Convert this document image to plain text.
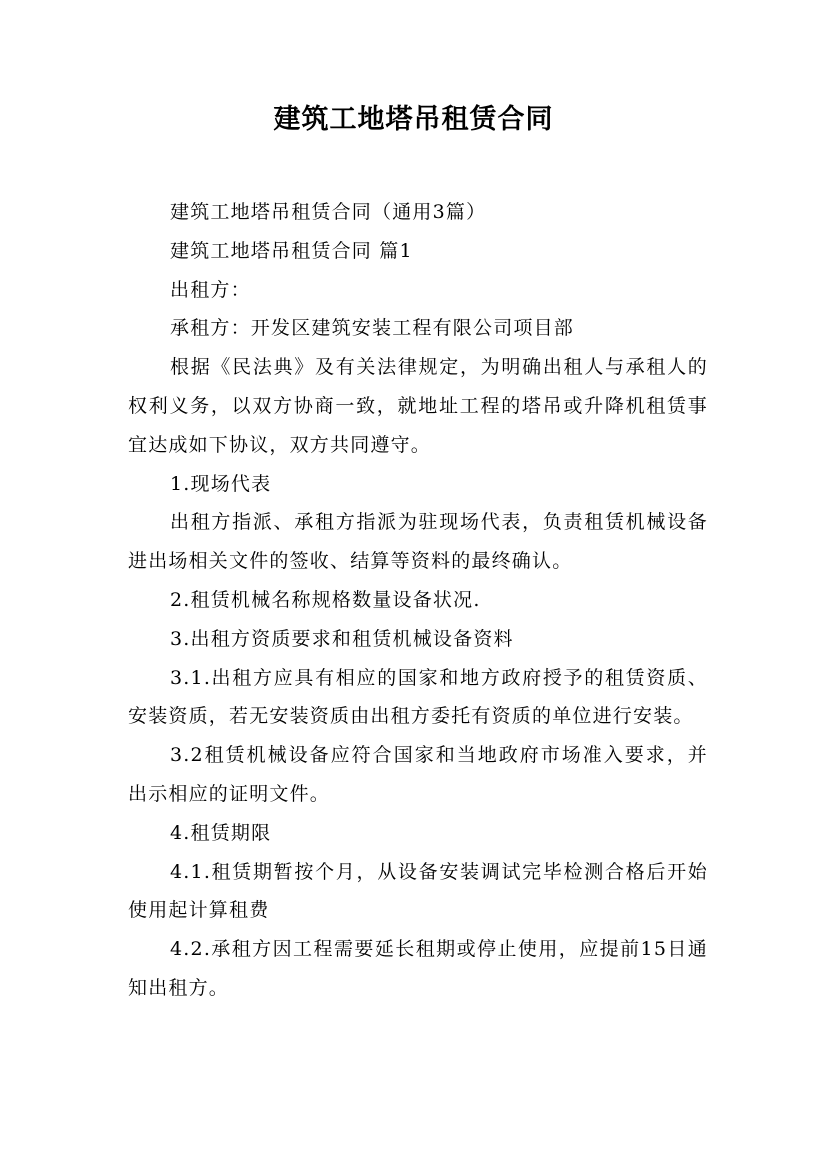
建筑工地塔吊租赁合同

建筑工地塔吊租赁合同（通用3篇）

建筑工地塔吊租赁合同 篇1

出租方：

承租方：开发区建筑安装工程有限公司项目部

根据《民法典》及有关法律规定，为明确出租人与承租人的权利义务，以双方协商一致，就地址工程的塔吊或升降机租赁事宜达成如下协议，双方共同遵守。

1.现场代表

出租方指派、承租方指派为驻现场代表，负责租赁机械设备进出场相关文件的签收、结算等资料的最终确认。

2.租赁机械名称规格数量设备状况.

3.出租方资质要求和租赁机械设备资料

3.1.出租方应具有相应的国家和地方政府授予的租赁资质、安装资质，若无安装资质由出租方委托有资质的单位进行安装。

3.2租赁机械设备应符合国家和当地政府市场准入要求，并出示相应的证明文件。

4.租赁期限

4.1.租赁期暂按个月，从设备安装调试完毕检测合格后开始使用起计算租费

4.2.承租方因工程需要延长租期或停止使用，应提前15日通知出租方。
